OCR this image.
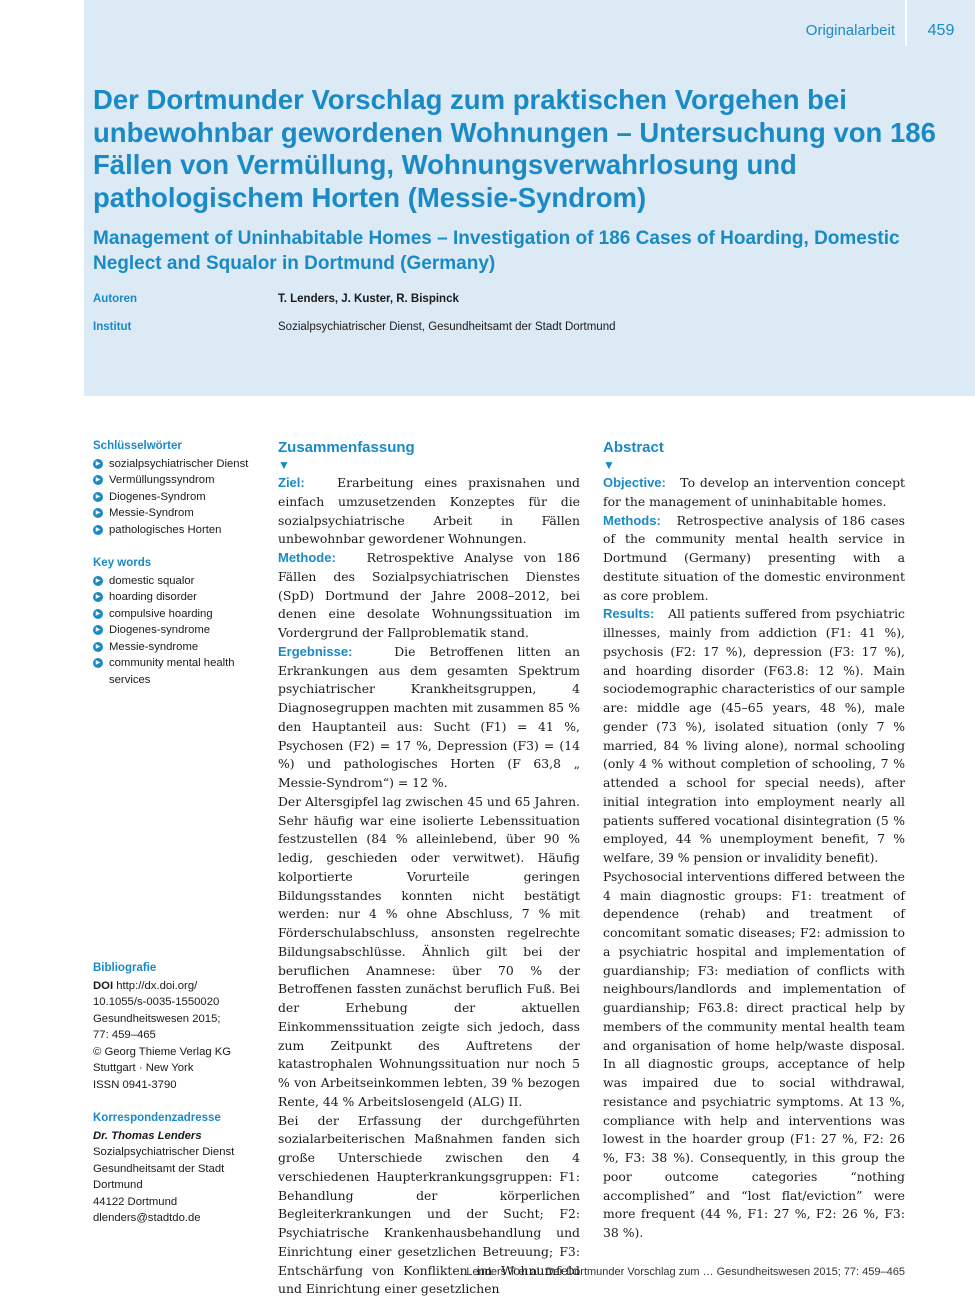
Originalarbeit	459
Der Dortmunder Vorschlag zum praktischen Vorgehen bei unbewohnbar gewordenen Wohnungen – Untersuchung von 186 Fällen von Vermüllung, Wohnungsverwahrlosung und pathologischem Horten (Messie-Syndrom)
Management of Uninhabitable Homes – Investigation of 186 Cases of Hoarding, Domestic Neglect and Squalor in Dortmund (Germany)
Autoren	T. Lenders, J. Kuster, R. Bispinck
Institut	Sozialpsychiatrischer Dienst, Gesundheitsamt der Stadt Dortmund
Schlüsselwörter
▶ sozialpsychiatrischer Dienst
▶ Vermüllungssyndrom
▶ Diogenes-Syndrom
▶ Messie-Syndrom
▶ pathologisches Horten
Key words
▶ domestic squalor
▶ hoarding disorder
▶ compulsive hoarding
▶ Diogenes-syndrome
▶ Messie-syndrome
▶ community mental health services
Bibliografie
DOI http://dx.doi.org/
10.1055/s-0035-1550020
Gesundheitswesen 2015;
77: 459–465
© Georg Thieme Verlag KG
Stuttgart · New York
ISSN 0941-3790
Korrespondenzadresse
Dr. Thomas Lenders
Sozialpsychiatrischer Dienst
Gesundheitsamt der Stadt
Dortmund
44122 Dortmund
dlenders@stadtdo.de
Zusammenfassung
▼

Ziel:	Erarbeitung eines praxisnahen und einfach umzusetzenden Konzeptes für die sozialpsychiatrische Arbeit in Fällen unbewohnbar gewordener Wohnungen.

Methode: Retrospektive Analyse von 186 Fällen des Sozialpsychiatrischen Dienstes (SpD) Dortmund der Jahre 2008–2012, bei denen eine desolate Wohnungssituation im Vordergrund der Fallproblematik stand.

Ergebnisse:	Die Betroffenen litten an Erkrankungen aus dem gesamten Spektrum psychiatrischer Krankheitsgruppen, 4 Diagnosegruppen machten mit zusammen 85 % den Hauptanteil aus: Sucht (F1) = 41 %, Psychosen (F2) = 17 %, Depression (F3) = (14 %) und pathologisches Horten (F 63,8 „ Messie-Syndrom“) = 12 %.

Der Altersgipfel lag zwischen 45 und 65 Jahren. Sehr häufig war eine isolierte Lebenssituation festzustellen (84 % alleinlebend, über 90 % ledig, geschieden oder verwitwet). Häufig kolportierte Vorurteile geringen Bildungsstandes konnten nicht bestätigt werden: nur 4 % ohne Abschluss, 7 % mit Förderschulabschluss, ansonsten regelrechte Bildungsabschlüsse. Ähnlich gilt bei der beruflichen Anamnese: über 70 % der Betroffenen fassten zunächst beruflich Fuß. Bei der Erhebung der aktuellen Einkommenssituation zeigte sich jedoch, dass zum Zeitpunkt des Auftretens der katastrophalen Wohnungssituation nur noch 5 % von Arbeitseinkommen lebten, 39 % bezogen Rente, 44 % Arbeitslosengeld (ALG) II.

Bei der Erfassung der durchgeführten sozialarbeiterischen Maßnahmen fanden sich große Unterschiede zwischen den 4 verschiedenen Haupterkrankungsgruppen: F1: Behandlung der körperlichen Begleiterkrankungen und der Sucht; F2: Psychiatrische Krankenhausbehandlung und Einrichtung einer gesetzlichen Betreuung; F3: Entschärfung von Konflikten im Wohnumfeld und Einrichtung einer gesetzlichen

Abstract
▼

Objective: To develop an intervention concept for the management of uninhabitable homes.

Methods: Retrospective analysis of 186 cases of the community mental health service in Dortmund (Germany) presenting with a destitute situation of the domestic environment as core problem.

Results: All patients suffered from psychiatric illnesses, mainly from addiction (F1: 41 %), psychosis (F2: 17 %), depression (F3: 17 %), and hoarding disorder (F63.8: 12 %). Main sociodemographic characteristics of our sample are: middle age (45–65 years, 48 %), male gender (73 %), isolated situation (only 7 % married, 84 % living alone), normal schooling (only 4 % without completion of schooling, 7 % attended a school for special needs), after initial integration into employment nearly all patients suffered vocational disintegration (5 % employed, 44 % unemployment benefit, 7 % welfare, 39 % pension or invalidity benefit).

Psychosocial interventions differed between the 4 main diagnostic groups: F1: treatment of dependence (rehab) and treatment of concomitant somatic diseases; F2: admission to a psychiatric hospital and implementation of guardianship; F3: mediation of conflicts with neighbours/landlords and implementation of guardianship; F63.8: direct practical help by members of the community mental health team and organisation of home help/waste disposal. In all diagnostic groups, acceptance of help was impaired due to social withdrawal, resistance and psychiatric symptoms. At 13 %, compliance with help and interventions was lowest in the hoarder group (F1: 27 %, F2: 26 %, F3: 38 %). Consequently, in this group the poor outcome categories “nothing accomplished” and “lost flat/eviction” were more frequent (44 %, F1: 27 %, F2: 26 %, F3: 38 %).

Lenders T et al. Der Dortmunder Vorschlag zum … Gesundheitswesen 2015; 77: 459–465
